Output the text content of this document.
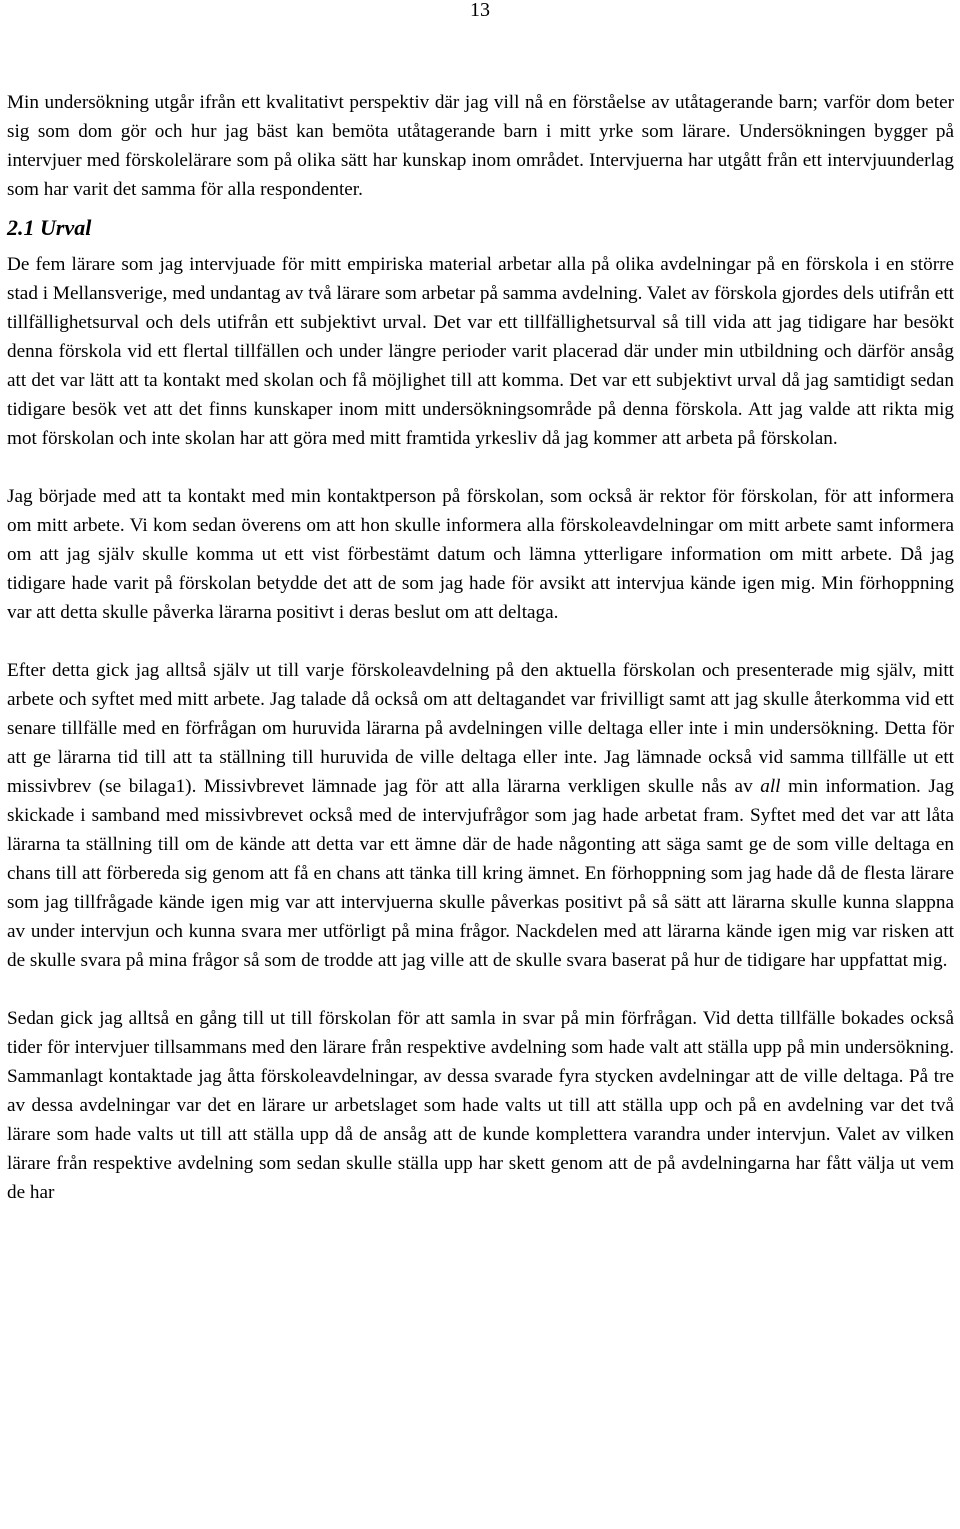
13

Min undersökning utgår ifrån ett kvalitativt perspektiv där jag vill nå en förståelse av utåtagerande barn; varför dom beter sig som dom gör och hur jag bäst kan bemöta utåtagerande barn i mitt yrke som lärare. Undersökningen bygger på intervjuer med förskolelärare som på olika sätt har kunskap inom området. Intervjuerna har utgått från ett intervjuunderlag som har varit det samma för alla respondenter.

2.1 Urval

De fem lärare som jag intervjuade för mitt empiriska material arbetar alla på olika avdelningar på en förskola i en större stad i Mellansverige, med undantag av två lärare som arbetar på samma avdelning. Valet av förskola gjordes dels utifrån ett tillfällighetsurval och dels utifrån ett subjektivt urval. Det var ett tillfällighetsurval så till vida att jag tidigare har besökt denna förskola vid ett flertal tillfällen och under längre perioder varit placerad där under min utbildning och därför ansåg att det var lätt att ta kontakt med skolan och få möjlighet till att komma. Det var ett subjektivt urval då jag samtidigt sedan tidigare besök vet att det finns kunskaper inom mitt undersökningsområde på denna förskola. Att jag valde att rikta mig mot förskolan och inte skolan har att göra med mitt framtida yrkesliv då jag kommer att arbeta på förskolan.

Jag började med att ta kontakt med min kontaktperson på förskolan, som också är rektor för förskolan, för att informera om mitt arbete. Vi kom sedan överens om att hon skulle informera alla förskoleavdelningar om mitt arbete samt informera om att jag själv skulle komma ut ett vist förbestämt datum och lämna ytterligare information om mitt arbete. Då jag tidigare hade varit på förskolan betydde det att de som jag hade för avsikt att intervjua kände igen mig. Min förhoppning var att detta skulle påverka lärarna positivt i deras beslut om att deltaga.

Efter detta gick jag alltså själv ut till varje förskoleavdelning på den aktuella förskolan och presenterade mig själv, mitt arbete och syftet med mitt arbete. Jag talade då också om att deltagandet var frivilligt samt att jag skulle återkomma vid ett senare tillfälle med en förfrågan om huruvida lärarna på avdelningen ville deltaga eller inte i min undersökning. Detta för att ge lärarna tid till att ta ställning till huruvida de ville deltaga eller inte. Jag lämnade också vid samma tillfälle ut ett missivbrev (se bilaga1). Missivbrevet lämnade jag för att alla lärarna verkligen skulle nås av all min information. Jag skickade i samband med missivbrevet också med de intervjufrågor som jag hade arbetat fram. Syftet med det var att låta lärarna ta ställning till om de kände att detta var ett ämne där de hade någonting att säga samt ge de som ville deltaga en chans till att förbereda sig genom att få en chans att tänka till kring ämnet. En förhoppning som jag hade då de flesta lärare som jag tillfrågade kände igen mig var att intervjuerna skulle påverkas positivt på så sätt att lärarna skulle kunna slappna av under intervjun och kunna svara mer utförligt på mina frågor. Nackdelen med att lärarna kände igen mig var risken att de skulle svara på mina frågor så som de trodde att jag ville att de skulle svara baserat på hur de tidigare har uppfattat mig.

Sedan gick jag alltså en gång till ut till förskolan för att samla in svar på min förfrågan. Vid detta tillfälle bokades också tider för intervjuer tillsammans med den lärare från respektive avdelning som hade valt att ställa upp på min undersökning. Sammanlagt kontaktade jag åtta förskoleavdelningar, av dessa svarade fyra stycken avdelningar att de ville deltaga. På tre av dessa avdelningar var det en lärare ur arbetslaget som hade valts ut till att ställa upp och på en avdelning var det två lärare som hade valts ut till att ställa upp då de ansåg att de kunde komplettera varandra under intervjun. Valet av vilken lärare från respektive avdelning som sedan skulle ställa upp har skett genom att de på avdelningarna har fått välja ut vem de har
